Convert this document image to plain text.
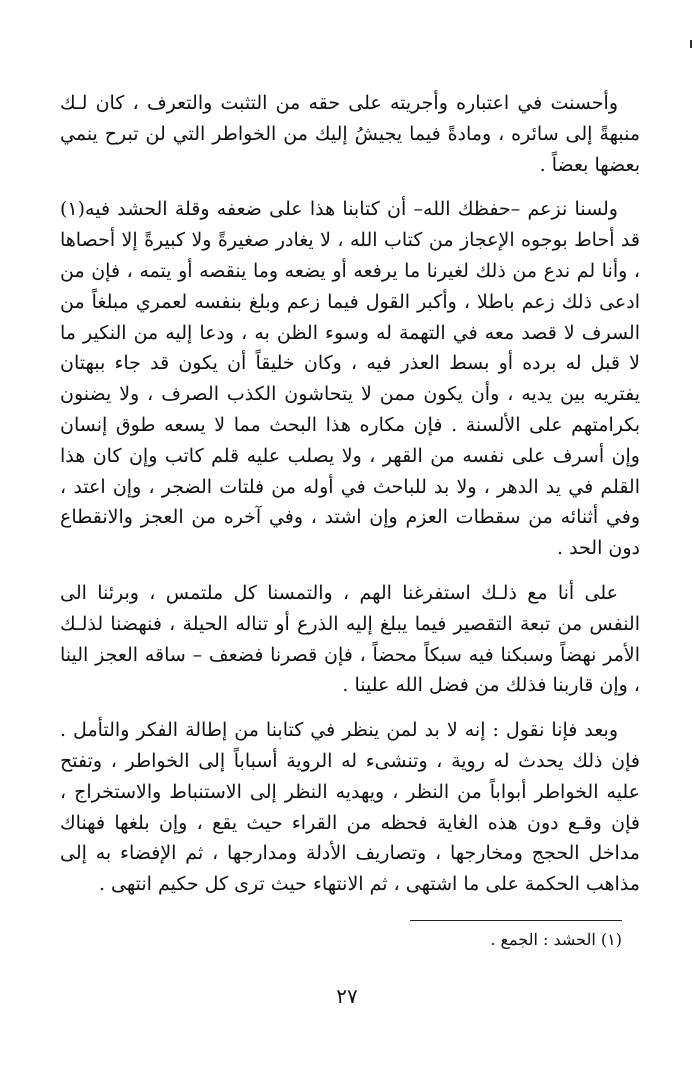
وأحسنت في اعتباره وأجريته على حقه من التثبت والتعرف ، كان لـك منبهةً إلى سائره ، ومادةً فيما يجيشُ إليك من الخواطر التي لن تبرح ينمي بعضها بعضاً .

ولسنا نزعم –حفظك الله– أن كتابنا هذا على ضعفه وقلة الحشد فيه(١) قد أحاط بوجوه الإعجاز من كتاب الله ، لا يغادر صغيرةً ولا كبيرةً إلا أحصاها ، وأنا لم ندع من ذلك لغيرنا ما يرفعه أو يضعه وما ينقصه أو يتمه ، فإن من ادعى ذلك زعم باطلا ، وأكبر القول فيما زعم وبلغ بنفسه لعمري مبلغاً من السرف لا قصد معه في التهمة له وسوء الظن به ، ودعا إليه من النكير ما لا قبل له برده أو بسط العذر فيه ، وكان خليقاً أن يكون قد جاء ببهتان يفتريه بين يديه ، وأن يكون ممن لا يتحاشون الكذب الصرف ، ولا يضنون بكرامتهم على الألسنة . فإن مكاره هذا البحث مما لا يسعه طوق إنسان وإن أسرف على نفسه من القهر ، ولا يصلب عليه قلم كاتب وإن كان هذا القلم في يد الدهر ، ولا بد للباحث في أوله من فلتات الضجر ، وإن اعتد ، وفي أثنائه من سقطات العزم وإن اشتد ، وفي آخره من العجز والانقطاع دون الحد .

على أنا مع ذلـك استفرغنا الهم ، والتمسنا كل ملتمس ، وبرئنا الى النفس من تبعة التقصير فيما يبلغ إليه الذرع أو تناله الحيلة ، فنهضنا لذلـك الأمر نهضاً وسبكنا فيه سبكاً محضاً ، فإن قصرنا فضعف – ساقه العجز الينا ، وإن قاربنا فذلك من فضل الله علينا .

وبعد فإنا نقول : إنه لا بد لمن ينظر في كتابنا من إطالة الفكر والتأمل . فإن ذلك يحدث له روية ، وتنشىء له الروية أسباباً إلى الخواطر ، وتفتح عليه الخواطر أبواباً من النظر ، ويهديه النظر إلى الاستنباط والاستخراج ، فإن وقـع دون هذه الغاية فحظه من القراء حيث يقع ، وإن بلغها فهناك مداخل الحجج ومخارجها ، وتصاريف الأدلة ومدارجها ، ثم الإفضاء به إلى مذاهب الحكمة على ما اشتهى ، ثم الانتهاء حيث ترى كل حكيم انتهى .

(١) الحشد : الجمع .
٢٧
